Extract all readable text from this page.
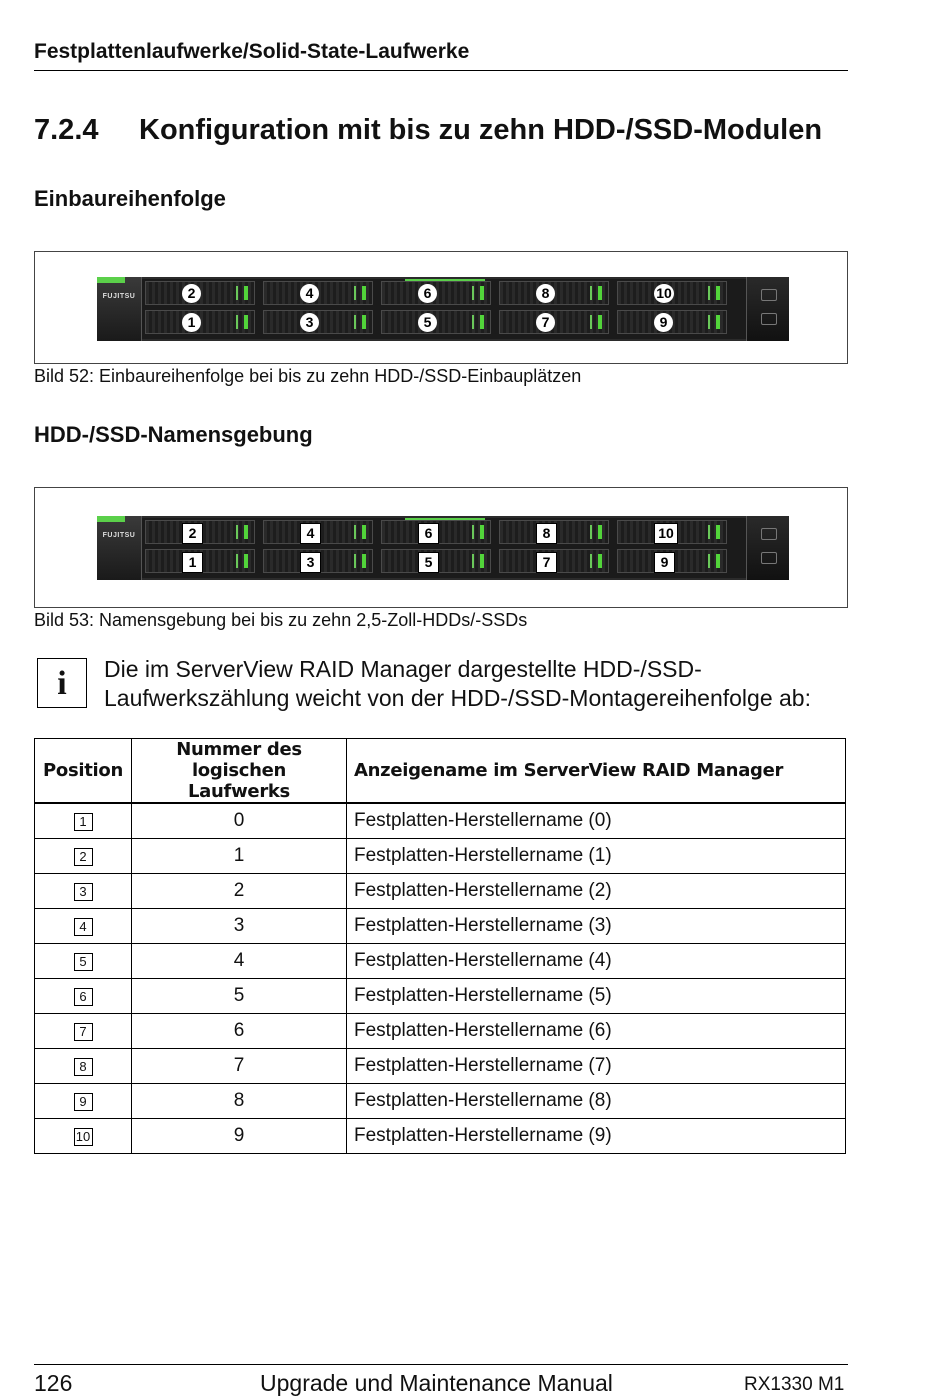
Festplattenlaufwerke/Solid-State-Laufwerke
7.2.4 Konfiguration mit bis zu zehn HDD-/SSD-Modulen
Einbaureihenfolge
FUJITSU	2	4	6	8	10
1	3	5	7	9
Bild 52: Einbaureihenfolge bei bis zu zehn HDD-/SSD-Einbauplätzen
HDD-/SSD-Namensgebung
FUJITSU	2	4	6	8	10
1	3	5	7	9
Bild 53: Namensgebung bei bis zu zehn 2,5-Zoll-HDDs/-SSDs
i	Die im ServerView RAID Manager dargestellte HDD-/SSD-Laufwerkszählung weicht von der HDD-/SSD-Montagereihenfolge ab:
Position	Nummer des logischen Laufwerks	Anzeigename im ServerView RAID Manager
1	0	Festplatten-Herstellername (0)
2	1	Festplatten-Herstellername (1)
3	2	Festplatten-Herstellername (2)
4	3	Festplatten-Herstellername (3)
5	4	Festplatten-Herstellername (4)
6	5	Festplatten-Herstellername (5)
7	6	Festplatten-Herstellername (6)
8	7	Festplatten-Herstellername (7)
9	8	Festplatten-Herstellername (8)
10	9	Festplatten-Herstellername (9)
126	Upgrade und Maintenance Manual	RX1330 M1
